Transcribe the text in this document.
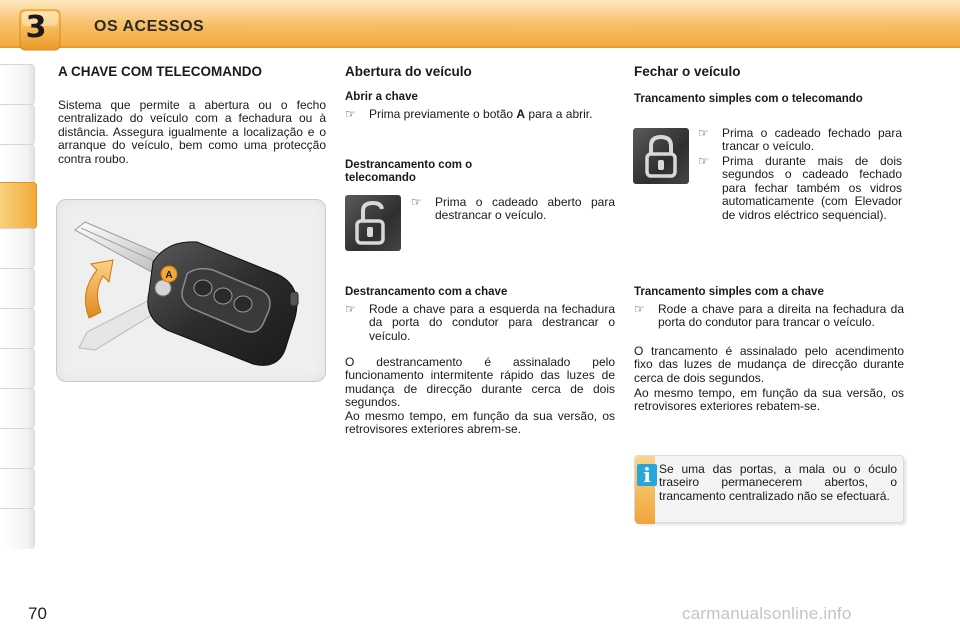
3	OS ACESSOS
A CHAVE COM TELECOMANDO
Sistema que permite a abertura ou o fecho centralizado do veículo com a fechadura ou à distância. Assegura igualmente a localização e o arranque do veículo, bem como uma protecção contra roubo.
A
Abertura do veículo
Abrir a chave
☞ Prima previamente o botão A para a abrir.
Destrancamento com o telecomando
☞ Prima o cadeado aberto para destrancar o veículo.
Destrancamento com a chave
☞ Rode a chave para a esquerda na fechadura da porta do condutor para destrancar o veículo.
O destrancamento é assinalado pelo funcionamento intermitente rápido das luzes de mudança de direcção durante cerca de dois segundos.
Ao mesmo tempo, em função da sua versão, os retrovisores exteriores abrem-se.
Fechar o veículo
Trancamento simples com o telecomando
☞ Prima o cadeado fechado para trancar o veículo.
☞ Prima durante mais de dois segundos o cadeado fechado para fechar também os vidros automaticamente (com Elevador de vidros eléctrico sequencial).
Trancamento simples com a chave
☞ Rode a chave para a direita na fechadura da porta do condutor para trancar o veículo.
O trancamento é assinalado pelo acendimento fixo das luzes de mudança de direcção durante cerca de dois segundos.
Ao mesmo tempo, em função da sua versão, os retrovisores exteriores rebatem-se.
i Se uma das portas, a mala ou o óculo traseiro permanecerem abertos, o trancamento centralizado não se efectuará.
70	carmanualsonline.info
